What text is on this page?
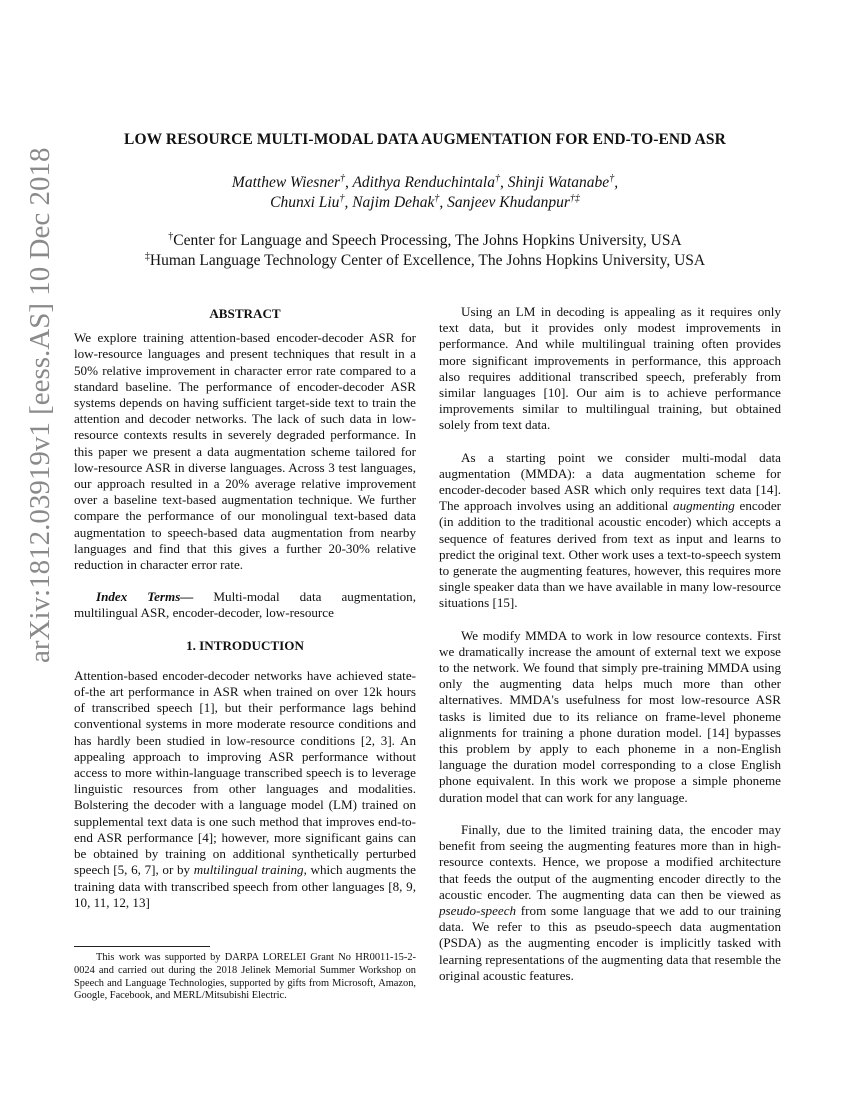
LOW RESOURCE MULTI-MODAL DATA AUGMENTATION FOR END-TO-END ASR
Matthew Wiesner†, Adithya Renduchintala†, Shinji Watanabe†,
Chunxi Liu†, Najim Dehak†, Sanjeev Khudanpur†‡
†Center for Language and Speech Processing, The Johns Hopkins University, USA
‡Human Language Technology Center of Excellence, The Johns Hopkins University, USA
arXiv:1812.03919v1 [eess.AS] 10 Dec 2018	ABSTRACT

We explore training attention-based encoder-decoder ASR for low-resource languages and present techniques that result in a 50% relative improvement in character error rate compared to a standard baseline. The performance of encoder-decoder ASR systems depends on having sufficient target-side text to train the attention and decoder networks. The lack of such data in low-resource contexts results in severely degraded performance. In this paper we present a data augmentation scheme tailored for low-resource ASR in diverse languages. Across 3 test languages, our approach resulted in a 20% average relative improvement over a baseline text-based augmentation technique. We further compare the performance of our monolingual text-based data augmentation to speech-based data augmentation from nearby languages and find that this gives a further 20-30% relative reduction in character error rate.

Index Terms— Multi-modal data augmentation, multilingual ASR, encoder-decoder, low-resource

1. INTRODUCTION

Attention-based encoder-decoder networks have achieved state-of-the art performance in ASR when trained on over 12k hours of transcribed speech [1], but their performance lags behind conventional systems in more moderate resource conditions and has hardly been studied in low-resource conditions [2, 3]. An appealing approach to improving ASR performance without access to more within-language transcribed speech is to leverage linguistic resources from other languages and modalities. Bolstering the decoder with a language model (LM) trained on supplemental text data is one such method that improves end-to-end ASR performance [4]; however, more significant gains can be obtained by training on additional synthetically perturbed speech [5, 6, 7], or by multilingual training, which augments the training data with transcribed speech from other languages [8, 9, 10, 11, 12, 13]

This work was supported by DARPA LORELEI Grant No HR0011-15-2-0024 and carried out during the 2018 Jelinek Memorial Summer Workshop on Speech and Language Technologies, supported by gifts from Microsoft, Amazon, Google, Facebook, and MERL/Mitsubishi Electric.

Using an LM in decoding is appealing as it requires only text data, but it provides only modest improvements in performance. And while multilingual training often provides more significant improvements in performance, this approach also requires additional transcribed speech, preferably from similar languages [10]. Our aim is to achieve performance improvements similar to multilingual training, but obtained solely from text data.

As a starting point we consider multi-modal data augmentation (MMDA): a data augmentation scheme for encoder-decoder based ASR which only requires text data [14]. The approach involves using an additional augmenting encoder (in addition to the traditional acoustic encoder) which accepts a sequence of features derived from text as input and learns to predict the original text. Other work uses a text-to-speech system to generate the augmenting features, however, this requires more single speaker data than we have available in many low-resource situations [15].

We modify MMDA to work in low resource contexts. First we dramatically increase the amount of external text we expose to the network. We found that simply pre-training MMDA using only the augmenting data helps much more than other alternatives. MMDA's usefulness for most low-resource ASR tasks is limited due to its reliance on frame-level phoneme alignments for training a phone duration model. [14] bypasses this problem by apply to each phoneme in a non-English language the duration model corresponding to a close English phone equivalent. In this work we propose a simple phoneme duration model that can work for any language.

Finally, due to the limited training data, the encoder may benefit from seeing the augmenting features more than in high-resource contexts. Hence, we propose a modified architecture that feeds the output of the augmenting encoder directly to the acoustic encoder. The augmenting data can then be viewed as pseudo-speech from some language that we add to our training data. We refer to this as pseudo-speech data augmentation (PSDA) as the augmenting encoder is implicitly tasked with learning representations of the augmenting data that resemble the original acoustic features.
